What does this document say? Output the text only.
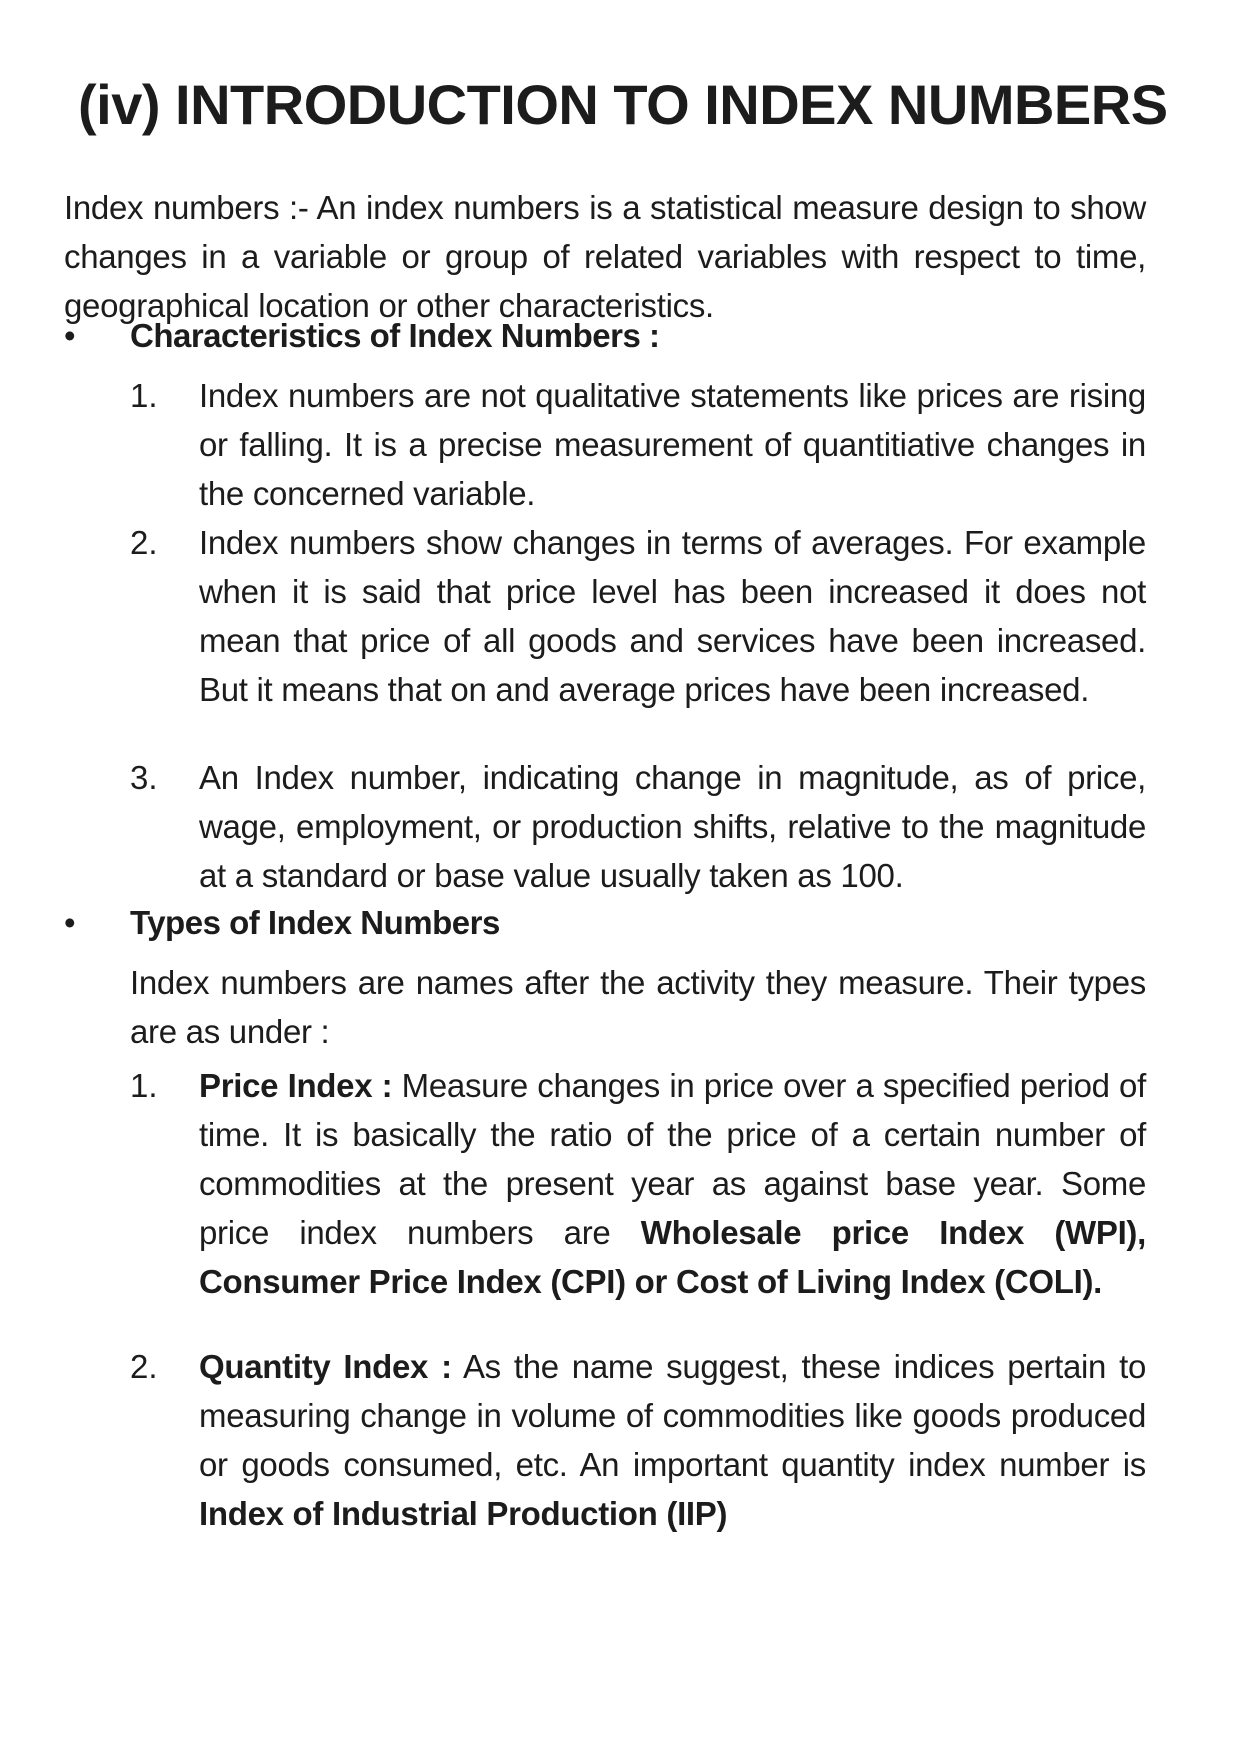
(iv) INTRODUCTION TO INDEX NUMBERS

Index numbers :- An index numbers is a statistical measure design to show changes in a variable or group of related variables with respect to time, geographical location or other characteristics.

• Characteristics of Index Numbers :
1.	Index numbers are not qualitative statements like prices are rising or falling. It is a precise measurement of quantitiative changes in the concerned variable.

2.	Index numbers show changes in terms of averages. For example when it is said that price level has been increased it does not mean that price of all goods and services have been increased. But it means that on and average prices have been increased.

3.	An Index number, indicating change in magnitude, as of price, wage, employment, or production shifts, relative to the magnitude at a standard or base value usually taken as 100.

• Types of Index Numbers

Index numbers are names after the activity they measure. Their types are as under :

1.	Price Index : Measure changes in price over a specified period of time. It is basically the ratio of the price of a certain number of commodities at the present year as against base year. Some price index numbers are Wholesale price Index (WPI), Consumer Price Index (CPI) or Cost of Living Index (COLI).

2.	Quantity Index : As the name suggest, these indices pertain to measuring change in volume of commodities like goods produced or goods consumed, etc. An important quantity index number is Index of Industrial Production (IIP)
